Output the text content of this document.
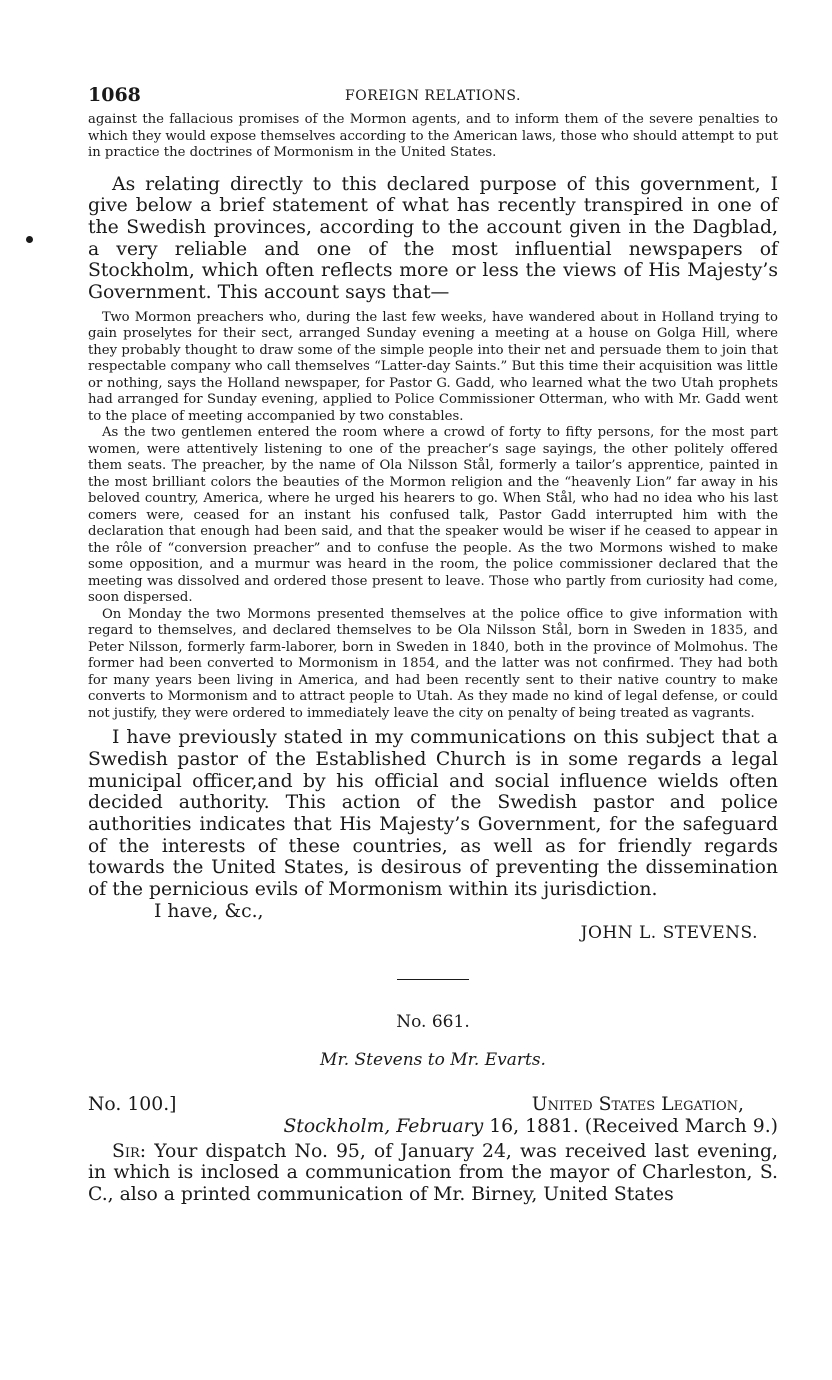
1068	FOREIGN RELATIONS.

against the fallacious promises of the Mormon agents, and to inform them of the severe penalties to which they would expose themselves according to the American laws, those who should attempt to put in practice the doctrines of Mormonism in the United States.

As relating directly to this declared purpose of this government, I give below a brief statement of what has recently transpired in one of the Swedish provinces, according to the account given in the Dagblad, a very reliable and one of the most influential newspapers of Stockholm, which often reflects more or less the views of His Majesty’s Government. This account says that—

Two Mormon preachers who, during the last few weeks, have wandered about in Holland trying to gain proselytes for their sect, arranged Sunday evening a meeting at a house on Golga Hill, where they probably thought to draw some of the simple people into their net and persuade them to join that respectable company who call themselves “Latter-day Saints.” But this time their acquisition was little or nothing, says the Holland newspaper, for Pastor G. Gadd, who learned what the two Utah prophets had arranged for Sunday evening, applied to Police Commissioner Otterman, who with Mr. Gadd went to the place of meeting accompanied by two constables.

As the two gentlemen entered the room where a crowd of forty to fifty persons, for the most part women, were attentively listening to one of the preacher’s sage sayings, the other politely offered them seats. The preacher, by the name of Ola Nilsson Stål, formerly a tailor’s apprentice, painted in the most brilliant colors the beauties of the Mormon religion and the “heavenly Lion” far away in his beloved country, America, where he urged his hearers to go. When Stål, who had no idea who his last comers were, ceased for an instant his confused talk, Pastor Gadd interrupted him with the declaration that enough had been said, and that the speaker would be wiser if he ceased to appear in the rôle of “conversion preacher” and to confuse the people. As the two Mormons wished to make some opposition, and a murmur was heard in the room, the police commissioner declared that the meeting was dissolved and ordered those present to leave. Those who partly from curiosity had come, soon dispersed.

On Monday the two Mormons presented themselves at the police office to give information with regard to themselves, and declared themselves to be Ola Nilsson Stål, born in Sweden in 1835, and Peter Nilsson, formerly farm-laborer, born in Sweden in 1840, both in the province of Molmohus. The former had been converted to Mormonism in 1854, and the latter was not confirmed. They had both for many years been living in America, and had been recently sent to their native country to make converts to Mormonism and to attract people to Utah. As they made no kind of legal defense, or could not justify, they were ordered to immediately leave the city on penalty of being treated as vagrants.

I have previously stated in my communications on this subject that a Swedish pastor of the Established Church is in some regards a legal municipal officer,and by his official and social influence wields often decided authority. This action of the Swedish pastor and police authorities indicates that His Majesty’s Government, for the safeguard of the interests of these countries, as well as for friendly regards towards the United States, is desirous of preventing the dissemination of the pernicious evils of Mormonism within its jurisdiction.

I have, &c.,

JOHN L. STEVENS.

No. 661.
Mr. Stevens to Mr. Evarts.
No. 100.]	United States Legation,
Stockholm, February 16, 1881. (Received March 9.)

Sir: Your dispatch No. 95, of January 24, was received last evening, in which is inclosed a communication from the mayor of Charleston, S. C., also a printed communication of Mr. Birney, United States
